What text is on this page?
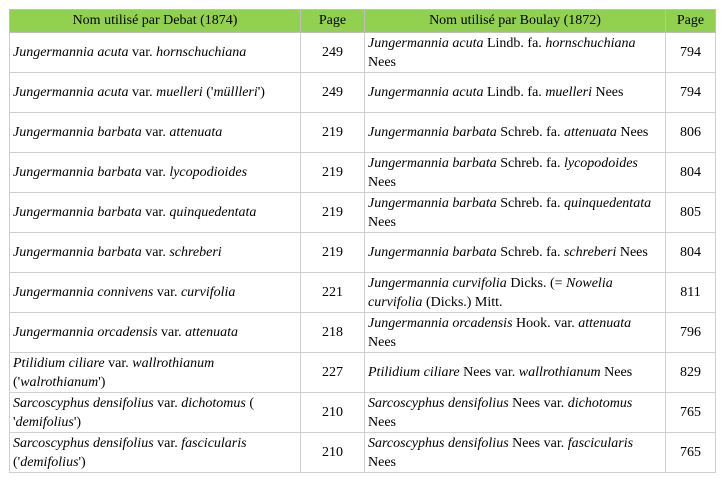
Nom utilisé par Debat (1874)	Page	Nom utilisé par Boulay (1872)	Page
Jungermannia acuta var. hornschuchiana	249	Jungermannia acuta Lindb. fa. hornschuchiana Nees	794
Jungermannia acuta var. muelleri ('müllleri')	249	Jungermannia acuta Lindb. fa. muelleri Nees	794
Jungermannia barbata var. attenuata	219	Jungermannia barbata Schreb. fa. attenuata Nees	806
Jungermannia barbata var. lycopodioides	219	Jungermannia barbata Schreb. fa. lycopodoides Nees	804
Jungermannia barbata var. quinquedentata	219	Jungermannia barbata Schreb. fa. quinquedentata Nees	805
Jungermannia barbata var. schreberi	219	Jungermannia barbata Schreb. fa. schreberi Nees	804
Jungermannia connivens var. curvifolia	221	Jungermannia curvifolia Dicks. (= Nowelia curvifolia (Dicks.) Mitt.	811
Jungermannia orcadensis var. attenuata	218	Jungermannia orcadensis Hook. var. attenuata Nees	796
Ptilidium ciliare var. wallrothianum ('walrothianum')	227	Ptilidium ciliare Nees var. wallrothianum Nees	829
Sarcoscyphus densifolius var. dichotomus ( 'demifolius')	210	Sarcoscyphus densifolius Nees var. dichotomus Nees	765
Sarcoscyphus densifolius var. fascicularis ('demifolius')	210	Sarcoscyphus densifolius Nees var. fascicularis Nees	765
